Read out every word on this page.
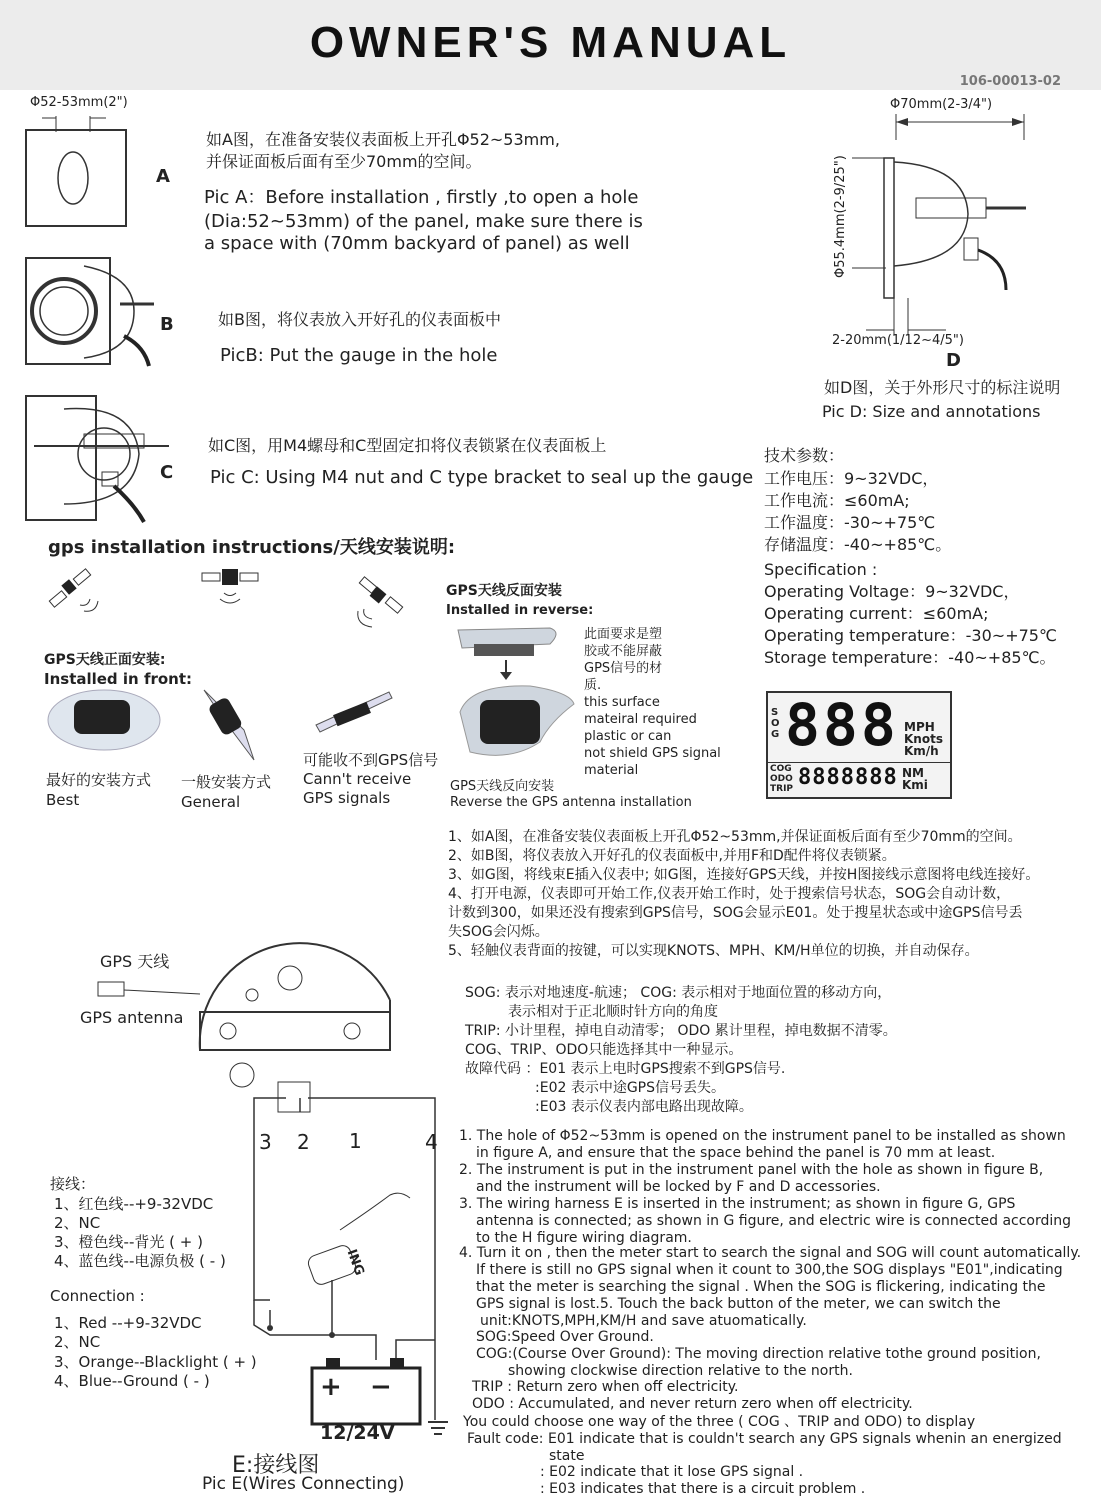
OWNER'S MANUAL
106-00013-02
Φ52-53mm(2")
A
如A图，在准备安装仪表面板上开孔Φ52~53mm,
并保证面板后面有至少70mm的空间。
Pic A：Before installation , firstly ,to open a hole
(Dia:52~53mm) of the panel, make sure there is
a space with (70mm backyard of panel) as well
B	如B图，将仪表放入开好孔的仪表面板中
PicB: Put the gauge in the hole
C
如C图，用M4螺母和C型固定扣将仪表锁紧在仪表面板上
Pic C: Using M4 nut and C type bracket to seal up the gauge
Φ70mm(2-3/4")
Φ55.4mm(2-9/25")
2-20mm(1/12~4/5")
D
如D图，关于外形尺寸的标注说明
Pic D: Size and annotations
技术参数：
工作电压：9~32VDC，
工作电流：≤60mA;
工作温度：-30~+75℃
存储温度：-40~+85℃。
Specification :
Operating Voltage：9~32VDC，
Operating current：≤60mA;
Operating temperature：-30~+75℃
Storage temperature：-40~+85℃。
S
O
G 888 MPH
Knots
Km/h
COG
ODO
TRIP 8888888 NM
Kmi
gps installation instructions/天线安装说明:
GPS天线反面安装
Installed in reverse:
GPS天线正面安装:
Installed in front:
此面要求是塑
胶或不能屏蔽
GPS信号的材
质.
this surface
mateiral required
plastic or can
not shield GPS signal
material
最好的安装方式
Best
一般安装方式
General
可能收不到GPS信号
Cann't receive
GPS signals
GPS天线反向安装
Reverse the GPS antenna installation
1、如A图，在准备安装仪表面板上开孔Φ52~53mm,并保证面板后面有至少70mm的空间。
2、如B图，将仪表放入开好孔的仪表面板中,并用F和D配件将仪表锁紧。
3、如G图，将线束E插入仪表中; 如G图，连接好GPS天线，并按H图接线示意图将电线连接好。
4、打开电源，仪表即可开始工作,仪表开始工作时，处于搜索信号状态，SOG会自动计数，
计数到300，如果还没有搜索到GPS信号，SOG会显示E01。处于搜星状态或中途GPS信号丢
失SOG会闪烁。
5、轻触仪表背面的按键，可以实现KNOTS、MPH、KM/H单位的切换，并自动保存。
SOG: 表示对地速度-航速； COG: 表示相对于地面位置的移动方向，
表示相对于正北顺时针方向的角度
TRIP: 小计里程，掉电自动清零； ODO 累计里程，掉电数据不清零。
COG、TRIP、ODO只能选择其中一种显示。
故障代码 ：E01 表示上电时GPS搜索不到GPS信号.
:E02 表示中途GPS信号丢失。
:E03 表示仪表内部电路出现故障。
1. The hole of Φ52~53mm is opened on the instrument panel to be installed as shown
in figure A, and ensure that the space behind the panel is 70 mm at least.
2. The instrument is put in the instrument panel with the hole as shown in figure B,
and the instrument will be locked by F and D accessories.
3. The wiring harness E is inserted in the instrument; as shown in figure G, GPS
antenna is connected; as shown in G figure, and electric wire is connected according
to the H figure wiring diagram.
4. Turn it on , then the meter start to search the signal and SOG will count automatically.
If there is still no GPS signal when it count to 300,the SOG displays "E01",indicating
that the meter is searching the signal . When the SOG is flickering, indicating the
GPS signal is lost.5. Touch the back button of the meter, we can switch the
unit:KNOTS,MPH,KM/H and save atuomatically.
SOG:Speed Over Ground.
COG:(Course Over Ground): The moving direction relative tothe ground position,
showing clockwise direction relative to the north.
TRIP : Return zero when off electricity.
ODO : Accumulated, and never return zero when off electricity.
You could choose one way of the three ( COG 、TRIP and ODO) to display
Fault code: E01 indicate that is couldn't search any GPS signals whenin an energized
state
: E02 indicate that it lose GPS signal .
: E03 indicates that there is a circuit problem .
GPS 天线
GPS antenna
3 2 1	4
ING
+ −
12/24V
E:接线图
Pic E(Wires Connecting)
接线：
1、红色线--+9-32VDC
2、NC
3、橙色线--背光 ( + )
4、蓝色线--电源负极 ( - )
Connection :
1、Red --+9-32VDC
2、NC
3、Orange--Blacklight ( + )
4、Blue--Ground ( - )
